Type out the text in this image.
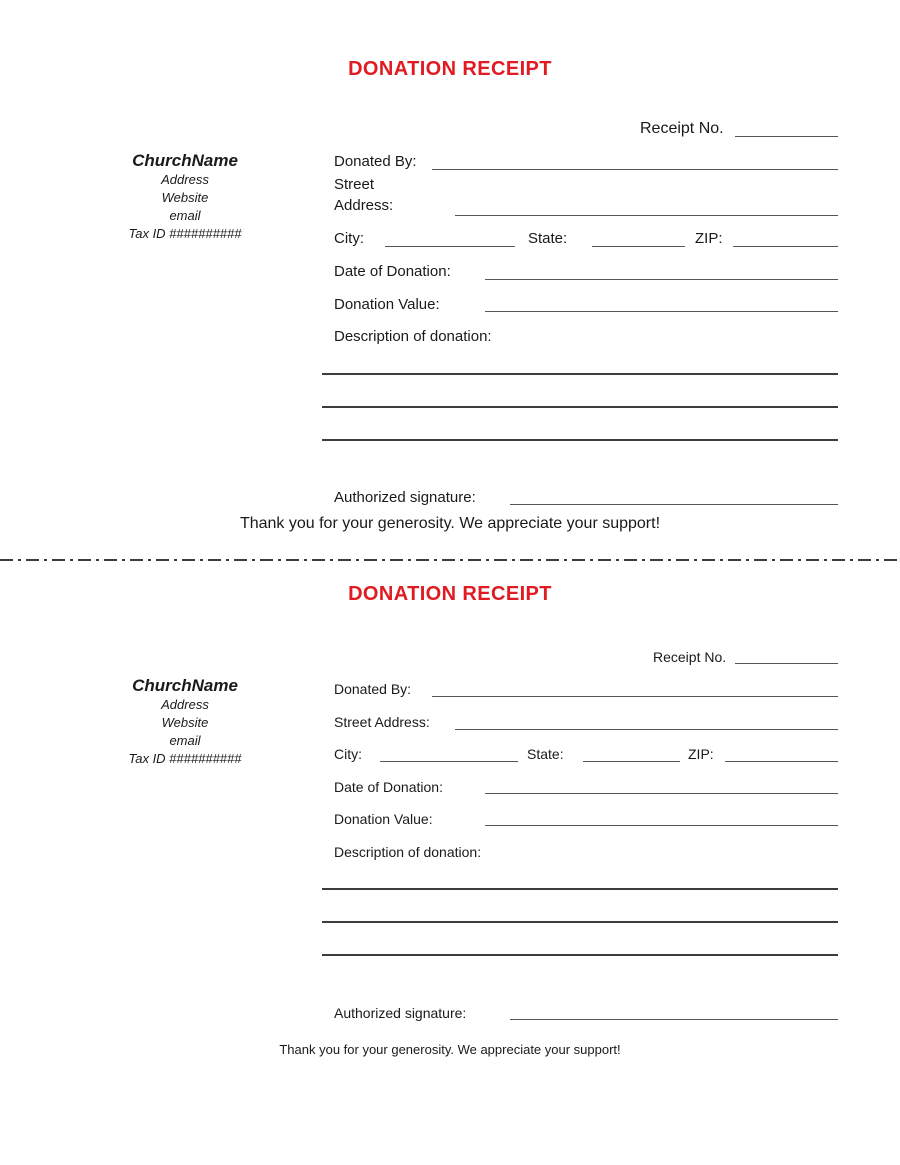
DONATION RECEIPT
Receipt No.
ChurchName
Address
Website
email
Tax ID ##########
Donated By:
Street Address:
City:	State:	ZIP:
Date of Donation:
Donation Value:
Description of donation:
Authorized signature:
Thank you for your generosity. We appreciate your support!
DONATION RECEIPT
Receipt No.
ChurchName
Address
Website
email
Tax ID ##########
Donated By:
Street Address:
City:	State:	ZIP:
Date of Donation:
Donation Value:
Description of donation:
Authorized signature:
Thank you for your generosity. We appreciate your support!
